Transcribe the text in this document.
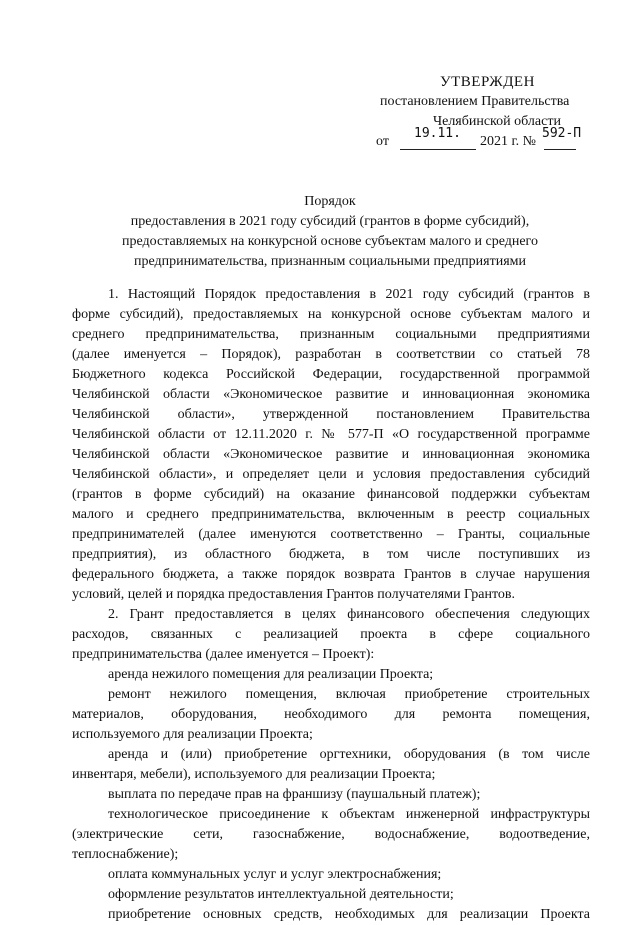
УТВЕРЖДЕН
постановлением Правительства
Челябинской области
от
19.11.
2021 г. №
592-П
Порядок
предоставления в 2021 году субсидий (грантов в форме субсидий),
предоставляемых на конкурсной основе субъектам малого и среднего
предпринимательства, признанным социальными предприятиями
1. Настоящий Порядок предоставления в 2021 году субсидий (грантов в
форме субсидий), предоставляемых на конкурсной основе субъектам малого и
среднего предпринимательства, признанным социальными предприятиями
(далее именуется – Порядок), разработан в соответствии со статьей 78
Бюджетного кодекса Российской Федерации, государственной программой
Челябинской области «Экономическое развитие и инновационная экономика
Челябинской области», утвержденной постановлением Правительства
Челябинской области от 12.11.2020 г. № 577-П «О государственной программе
Челябинской области «Экономическое развитие и инновационная экономика
Челябинской области», и определяет цели и условия предоставления субсидий
(грантов в форме субсидий) на оказание финансовой поддержки субъектам
малого и среднего предпринимательства, включенным в реестр социальных
предпринимателей (далее именуются соответственно – Гранты, социальные
предприятия), из областного бюджета, в том числе поступивших из
федерального бюджета, а также порядок возврата Грантов в случае нарушения
условий, целей и порядка предоставления Грантов получателями Грантов.
2. Грант предоставляется в целях финансового обеспечения следующих
расходов, связанных с реализацией проекта в сфере социального
предпринимательства (далее именуется – Проект):
аренда нежилого помещения для реализации Проекта;
ремонт нежилого помещения, включая приобретение строительных
материалов, оборудования, необходимого для ремонта помещения,
используемого для реализации Проекта;
аренда и (или) приобретение оргтехники, оборудования (в том числе
инвентаря, мебели), используемого для реализации Проекта;
выплата по передаче прав на франшизу (паушальный платеж);
технологическое присоединение к объектам инженерной инфраструктуры
(электрические сети, газоснабжение, водоснабжение, водоотведение,
теплоснабжение);
оплата коммунальных услуг и услуг электроснабжения;
оформление результатов интеллектуальной деятельности;
приобретение основных средств, необходимых для реализации Проекта
